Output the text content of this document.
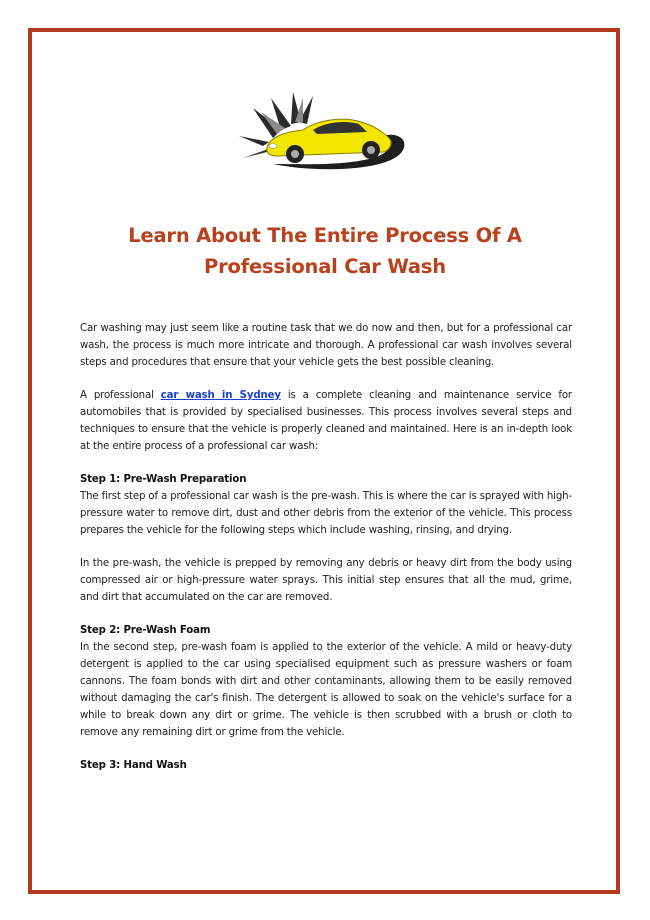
Learn About The Entire Process Of A
Professional Car Wash

Car washing may just seem like a routine task that we do now and then, but for a professional car wash, the process is much more intricate and thorough. A professional car wash involves several steps and procedures that ensure that your vehicle gets the best possible cleaning.

A professional car wash in Sydney is a complete cleaning and maintenance service for automobiles that is provided by specialised businesses. This process involves several steps and techniques to ensure that the vehicle is properly cleaned and maintained. Here is an in-depth look at the entire process of a professional car wash:

Step 1: Pre-Wash Preparation

The first step of a professional car wash is the pre-wash. This is where the car is sprayed with high-pressure water to remove dirt, dust and other debris from the exterior of the vehicle. This process prepares the vehicle for the following steps which include washing, rinsing, and drying.

In the pre-wash, the vehicle is prepped by removing any debris or heavy dirt from the body using compressed air or high-pressure water sprays. This initial step ensures that all the mud, grime, and dirt that accumulated on the car are removed.

Step 2: Pre-Wash Foam

In the second step, pre-wash foam is applied to the exterior of the vehicle. A mild or heavy-duty detergent is applied to the car using specialised equipment such as pressure washers or foam cannons. The foam bonds with dirt and other contaminants, allowing them to be easily removed without damaging the car's finish. The detergent is allowed to soak on the vehicle's surface for a while to break down any dirt or grime. The vehicle is then scrubbed with a brush or cloth to remove any remaining dirt or grime from the vehicle.

Step 3: Hand Wash
